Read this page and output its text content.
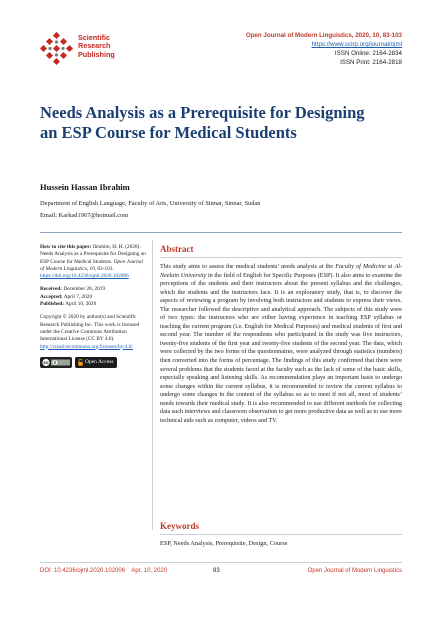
Scientific
Research
Publishing
Open Journal of Modern Linguistics, 2020, 10, 83-103
https://www.scirp.org/journal/ojml
ISSN Online: 2164-2834
ISSN Print: 2164-2818
Needs Analysis as a Prerequisite for Designing an ESP Course for Medical Students
Hussein Hassan Ibrahim
Department of English Language, Faculty of Arts, University of Sinnar, Sinnar, Sudan
Email: Karkad1967@hotmail.com

How to cite this paper: Ibrahim, H. H. (2020). Needs Analysis as a Prerequisite for Designing an ESP Course for Medical Students. Open Journal of Modern Linguistics, 10, 83-103.
https://doi.org/10.4236/ojml.2020.102006

Received: December 28, 2019
Accepted: April 7, 2020
Published: April 10, 2020

Copyright © 2020 by author(s) and Scientific Research Publishing Inc. This work is licensed under the Creative Commons Attribution International License (CC BY 4.0).
http://creativecommons.org/licenses/by/4.0/

cc	Open Access
Abstract
This study aims to assess the medical students’ needs analysis at the Faculty of Medicine at Al-Neelain University in the field of English for Specific Purposes (ESP). It also aims to examine the perceptions of the students and their instructors about the present syllabus and the challenges, which the students and the instructors face. It is an exploratory study, that is, to discover the aspects of reviewing a program by involving both instructors and students to express their views. The researcher followed the descriptive and analytical approach. The subjects of this study were of two types: the instructors who are either having experience in teaching ESP syllabus or teaching the current program (i.e. English for Medical Purposes) and medical students of first and second year. The number of the respondents who participated in the study was five instructors, twenty-five students of the first year and twenty-five students of the second year. The data, which were collected by the two forms of the questionnaires, were analyzed through statistics (numbers) then converted into the forms of percentage. The findings of this study confirmed that there were several problems that the students faced at the faculty such as the lack of some of the basic skills, especially speaking and listening skills. As recommendation plays an important basis to undergo some changes within the current syllabus, it is recommended to review the current syllabus to undergo some changes in the content of the syllabus so as to meet if not all, most of students’ needs towards their medical study. It is also recommended to use different methods for collecting data such interviews and classroom observation to get more productive data as well as to use more technical aids such as computer, videos and TV.
Keywords
ESP, Needs Analysis, Prerequisite, Design, Course
DOI: 10.4236/ojml.2020.102006    Apr. 10, 2020	83	Open Journal of Modern Linguistics
